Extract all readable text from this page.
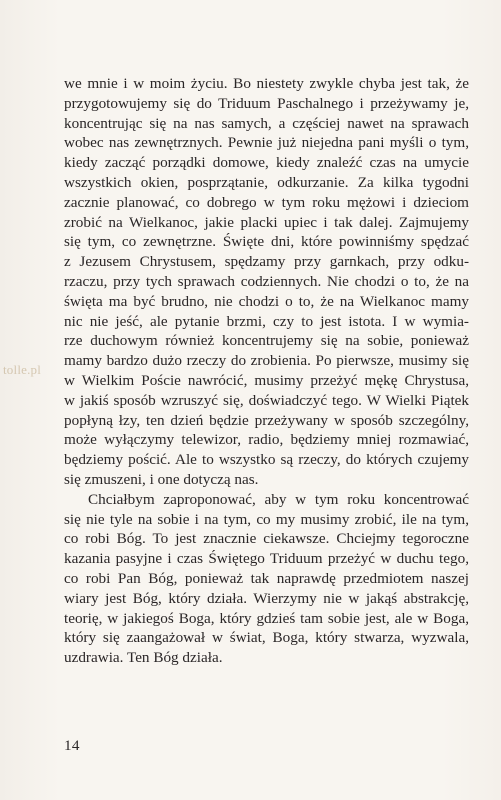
tolle.pl
we mnie i w moim życiu. Bo niestety zwykle chyba jest tak, że
przygotowujemy się do Triduum Paschalnego i przeżywamy je,
koncentrując się na nas samych, a częściej nawet na sprawach
wobec nas zewnętrznych. Pewnie już niejedna pani myśli o tym,
kiedy zacząć porządki domowe, kiedy znaleźć czas na umycie
wszystkich okien, posprzątanie, odkurzanie. Za kilka tygodni
zacznie planować, co dobrego w tym roku mężowi i dzieciom
zrobić na Wielkanoc, jakie placki upiec i tak dalej. Zajmujemy
się tym, co zewnętrzne. Święte dni, które powinniśmy spędzać
z Jezusem Chrystusem, spędzamy przy garnkach, przy odku-
rzaczu, przy tych sprawach codziennych. Nie chodzi o to, że na
święta ma być brudno, nie chodzi o to, że na Wielkanoc mamy
nic nie jeść, ale pytanie brzmi, czy to jest istota. I w wymia-
rze duchowym również koncentrujemy się na sobie, ponieważ
mamy bardzo dużo rzeczy do zrobienia. Po pierwsze, musimy się
w Wielkim Poście nawrócić, musimy przeżyć mękę Chrystusa,
w jakiś sposób wzruszyć się, doświadczyć tego. W Wielki Piątek
popłyną łzy, ten dzień będzie przeżywany w sposób szczególny,
może wyłączymy telewizor, radio, będziemy mniej rozmawiać,
będziemy pościć. Ale to wszystko są rzeczy, do których czujemy
się zmuszeni, i one dotyczą nas.
Chciałbym zaproponować, aby w tym roku koncentrować
się nie tyle na sobie i na tym, co my musimy zrobić, ile na tym,
co robi Bóg. To jest znacznie ciekawsze. Chciejmy tegoroczne
kazania pasyjne i czas Świętego Triduum przeżyć w duchu tego,
co robi Pan Bóg, ponieważ tak naprawdę przedmiotem naszej
wiary jest Bóg, który działa. Wierzymy nie w jakąś abstrakcję,
teorię, w jakiegoś Boga, który gdzieś tam sobie jest, ale w Boga,
który się zaangażował w świat, Boga, który stwarza, wyzwala,
uzdrawia. Ten Bóg działa.
14
